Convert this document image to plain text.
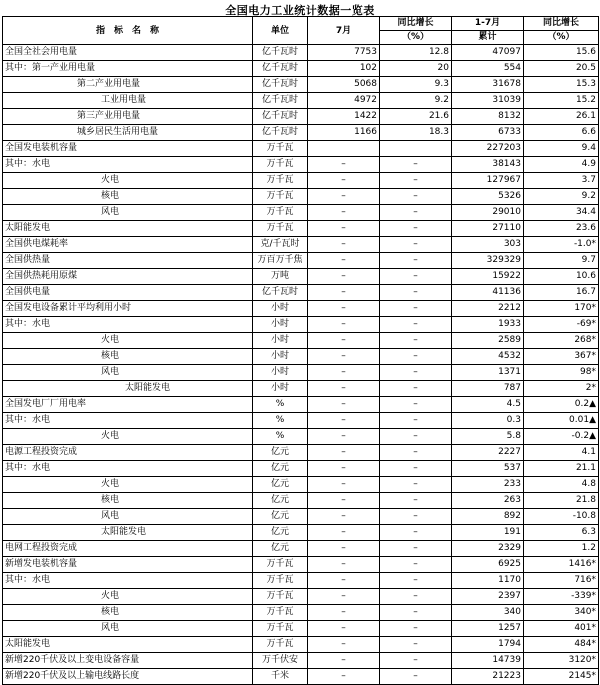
全国电力工业统计数据一览表
指　标　名　称	单位	7月	同比增长	1-7月	同比增长
			（%）	累计	（%）
全国全社会用电量	亿千瓦时	7753	12.8	47097	15.6
其中：第一产业用电量	亿千瓦时	102	20	554	20.5
第二产业用电量	亿千瓦时	5068	9.3	31678	15.3
工业用电量	亿千瓦时	4972	9.2	31039	15.2
第三产业用电量	亿千瓦时	1422	21.6	8132	26.1
城乡居民生活用电量	亿千瓦时	1166	18.3	6733	6.6
全国发电装机容量	万千瓦			227203	9.4
其中：水电	万千瓦	–	–	38143	4.9
火电	万千瓦	–	–	127967	3.7
核电	万千瓦	–	–	5326	9.2
风电	万千瓦	–	–	29010	34.4
太阳能发电	万千瓦	–	–	27110	23.6
全国供电煤耗率	克/千瓦时	–	–	303	-1.0*
全国供热量	万百万千焦	–	–	329329	9.7
全国供热耗用原煤	万吨	–	–	15922	10.6
全国供电量	亿千瓦时	–	–	41136	16.7
全国发电设备累计平均利用小时	小时	–	–	2212	170*
其中：水电	小时	–	–	1933	-69*
火电	小时	–	–	2589	268*
核电	小时	–	–	4532	367*
风电	小时	–	–	1371	98*
太阳能发电	小时	–	–	787	2*
全国发电厂厂用电率	%	–	–	4.5	0.2▲
其中：水电	%	–	–	0.3	0.01▲
火电	%	–	–	5.8	-0.2▲
电源工程投资完成	亿元	–	–	2227	4.1
其中：水电	亿元	–	–	537	21.1
火电	亿元	–	–	233	4.8
核电	亿元	–	–	263	21.8
风电	亿元	–	–	892	-10.8
太阳能发电	亿元	–	–	191	6.3
电网工程投资完成	亿元	–	–	2329	1.2
新增发电装机容量	万千瓦	–	–	6925	1416*
其中：水电	万千瓦	–	–	1170	716*
火电	万千瓦	–	–	2397	-339*
核电	万千瓦	–	–	340	340*
风电	万千瓦	–	–	1257	401*
太阳能发电	万千瓦	–	–	1794	484*
新增220千伏及以上变电设备容量	万千伏安	–	–	14739	3120*
新增220千伏及以上输电线路长度	千米	–	–	21223	2145*
